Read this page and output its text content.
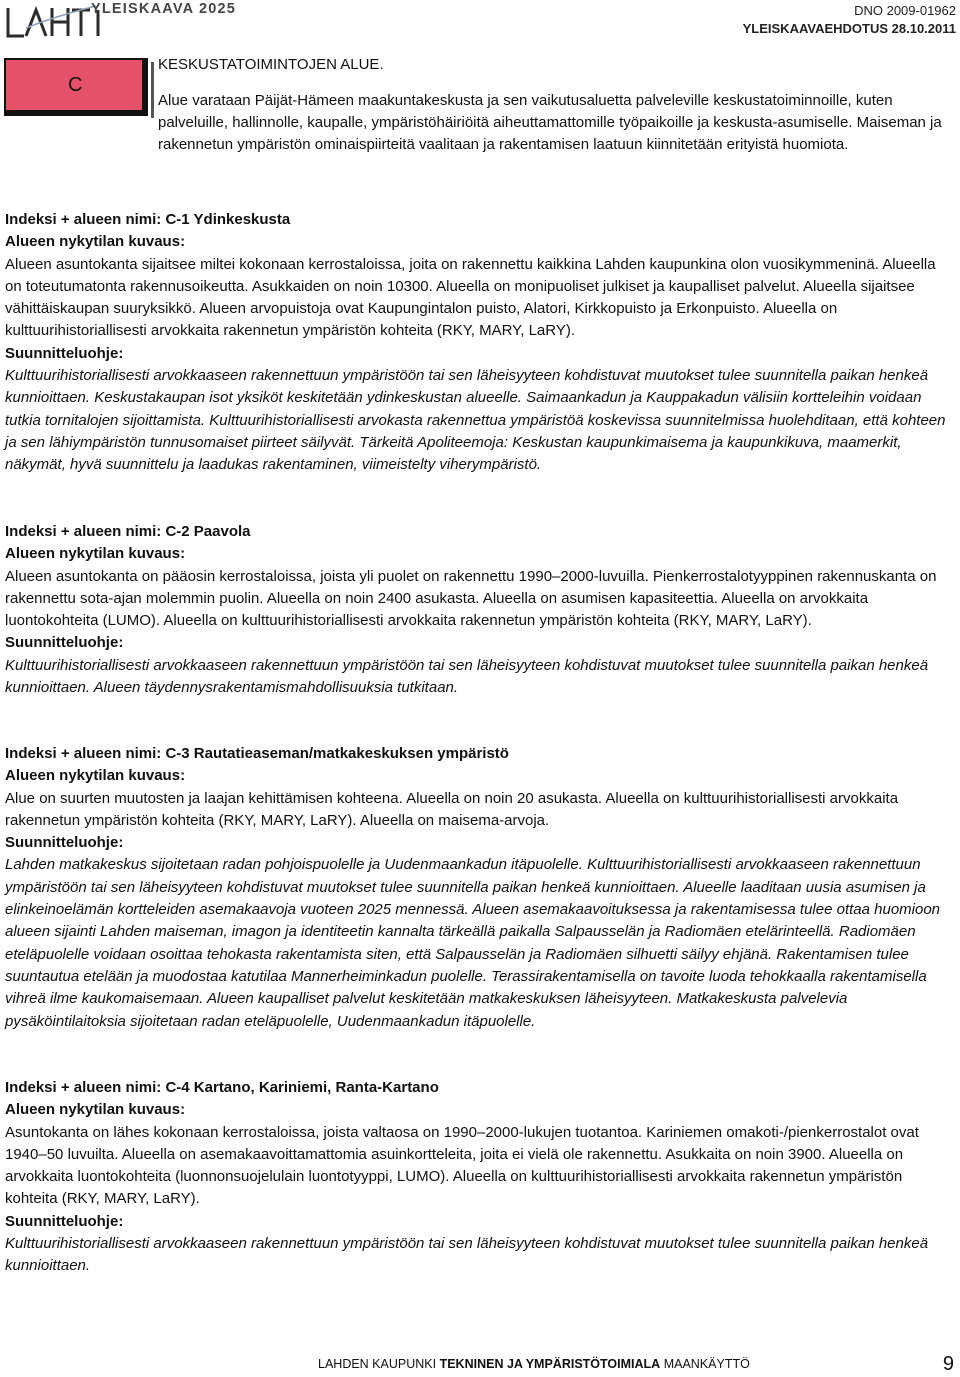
YLEISKAAVA 2025	DNO 2009-01962
YLEISKAAVAEHDOTUS 28.10.2011
C
KESKUSTATOIMINTOJEN ALUE.
Alue varataan Päijät-Hämeen maakuntakeskusta ja sen vaikutusaluetta palveleville keskustatoiminnoille, kuten palveluille, hallinnolle, kaupalle, ympäristöhäiriöitä aiheuttamattomille työpaikoille ja keskusta-asumiselle. Maiseman ja rakennetun ympäristön ominaispiirteitä vaalitaan ja rakentamisen laatuun kiinnitetään erityistä huomiota.

Indeksi + alueen nimi: C-1 Ydinkeskusta

Alueen nykytilan kuvaus:

Alueen asuntokanta sijaitsee miltei kokonaan kerrostaloissa, joita on rakennettu kaikkina Lahden kaupunkina olon vuosikymmeninä. Alueella on toteutumatonta rakennusoikeutta. Asukkaiden on noin 10300. Alueella on monipuoliset julkiset ja kaupalliset palvelut. Alueella sijaitsee vähittäiskaupan suuryksikkö. Alueen arvopuistoja ovat Kaupungintalon puisto, Alatori, Kirkkopuisto ja Erkonpuisto. Alueella on kulttuurihistoriallisesti arvokkaita rakennetun ympäristön kohteita (RKY, MARY, LaRY).

Suunnitteluohje:

Kulttuurihistoriallisesti arvokkaaseen rakennettuun ympäristöön tai sen läheisyyteen kohdistuvat muutokset tulee suunnitella paikan henkeä kunnioittaen. Keskustakaupan isot yksiköt keskitetään ydinkeskustan alueelle. Saimaankadun ja Kauppakadun välisiin kortteleihin voidaan tutkia tornitalojen sijoittamista. Kulttuurihistoriallisesti arvokasta rakennettua ympäristöä koskevissa suunnitelmissa huolehditaan, että kohteen ja sen lähiympäristön tunnusomaiset piirteet säilyvät. Tärkeitä Apoliteemoja: Keskustan kaupunkimaisema ja kaupunkikuva, maamerkit, näkymät, hyvä suunnittelu ja laadukas rakentaminen, viimeistelty viherympäristö.

Indeksi + alueen nimi: C-2 Paavola

Alueen nykytilan kuvaus:

Alueen asuntokanta on pääosin kerrostaloissa, joista yli puolet on rakennettu 1990–2000-luvuilla. Pienkerrostalotyyppinen rakennuskanta on rakennettu sota-ajan molemmin puolin. Alueella on noin 2400 asukasta. Alueella on asumisen kapasiteettia. Alueella on arvokkaita luontokohteita (LUMO). Alueella on kulttuurihistoriallisesti arvokkaita rakennetun ympäristön kohteita (RKY, MARY, LaRY).

Suunnitteluohje:

Kulttuurihistoriallisesti arvokkaaseen rakennettuun ympäristöön tai sen läheisyyteen kohdistuvat muutokset tulee suunnitella paikan henkeä kunnioittaen. Alueen täydennysrakentamismahdollisuuksia tutkitaan.

Indeksi + alueen nimi: C-3 Rautatieaseman/matkakeskuksen ympäristö

Alueen nykytilan kuvaus:

Alue on suurten muutosten ja laajan kehittämisen kohteena. Alueella on noin 20 asukasta. Alueella on kulttuurihistoriallisesti arvokkaita rakennetun ympäristön kohteita (RKY, MARY, LaRY). Alueella on maisema-arvoja.

Suunnitteluohje:

Lahden matkakeskus sijoitetaan radan pohjoispuolelle ja Uudenmaankadun itäpuolelle. Kulttuurihistoriallisesti arvokkaaseen rakennettuun ympäristöön tai sen läheisyyteen kohdistuvat muutokset tulee suunnitella paikan henkeä kunnioittaen. Alueelle laaditaan uusia asumisen ja elinkeinoelämän kortteleiden asemakaavoja vuoteen 2025 mennessä. Alueen asemakaavoituksessa ja rakentamisessa tulee ottaa huomioon alueen sijainti Lahden maiseman, imagon ja identiteetin kannalta tärkeällä paikalla Salpausselän ja Radiomäen etelärinteellä. Radiomäen eteläpuolelle voidaan osoittaa tehokasta rakentamista siten, että Salpausselän ja Radiomäen silhuetti säilyy ehjänä. Rakentamisen tulee suuntautua etelään ja muodostaa katutilaa Mannerheiminkadun puolelle. Terassirakentamisella on tavoite luoda tehokkaalla rakentamisella vihreä ilme kaukomaisemaan. Alueen kaupalliset palvelut keskitetään matkakeskuksen läheisyyteen. Matkakeskusta palvelevia pysäköintilaitoksia sijoitetaan radan eteläpuolelle, Uudenmaankadun itäpuolelle.

Indeksi + alueen nimi: C-4 Kartano, Kariniemi, Ranta-Kartano

Alueen nykytilan kuvaus:

Asuntokanta on lähes kokonaan kerrostaloissa, joista valtaosa on 1990–2000-lukujen tuotantoa. Kariniemen omakoti-/pienkerrostalot ovat 1940–50 luvuilta. Alueella on asemakaavoittamattomia asuinkortteleita, joita ei vielä ole rakennettu. Asukkaita on noin 3900. Alueella on arvokkaita luontokohteita (luonnonsuojelulain luontotyyppi, LUMO). Alueella on kulttuurihistoriallisesti arvokkaita rakennetun ympäristön kohteita (RKY, MARY, LaRY).

Suunnitteluohje:

Kulttuurihistoriallisesti arvokkaaseen rakennettuun ympäristöön tai sen läheisyyteen kohdistuvat muutokset tulee suunnitella paikan henkeä kunnioittaen.

LAHDEN KAUPUNKI TEKNINEN JA YMPÄRISTÖTOIMIALA MAANKÄYTTÖ	9
